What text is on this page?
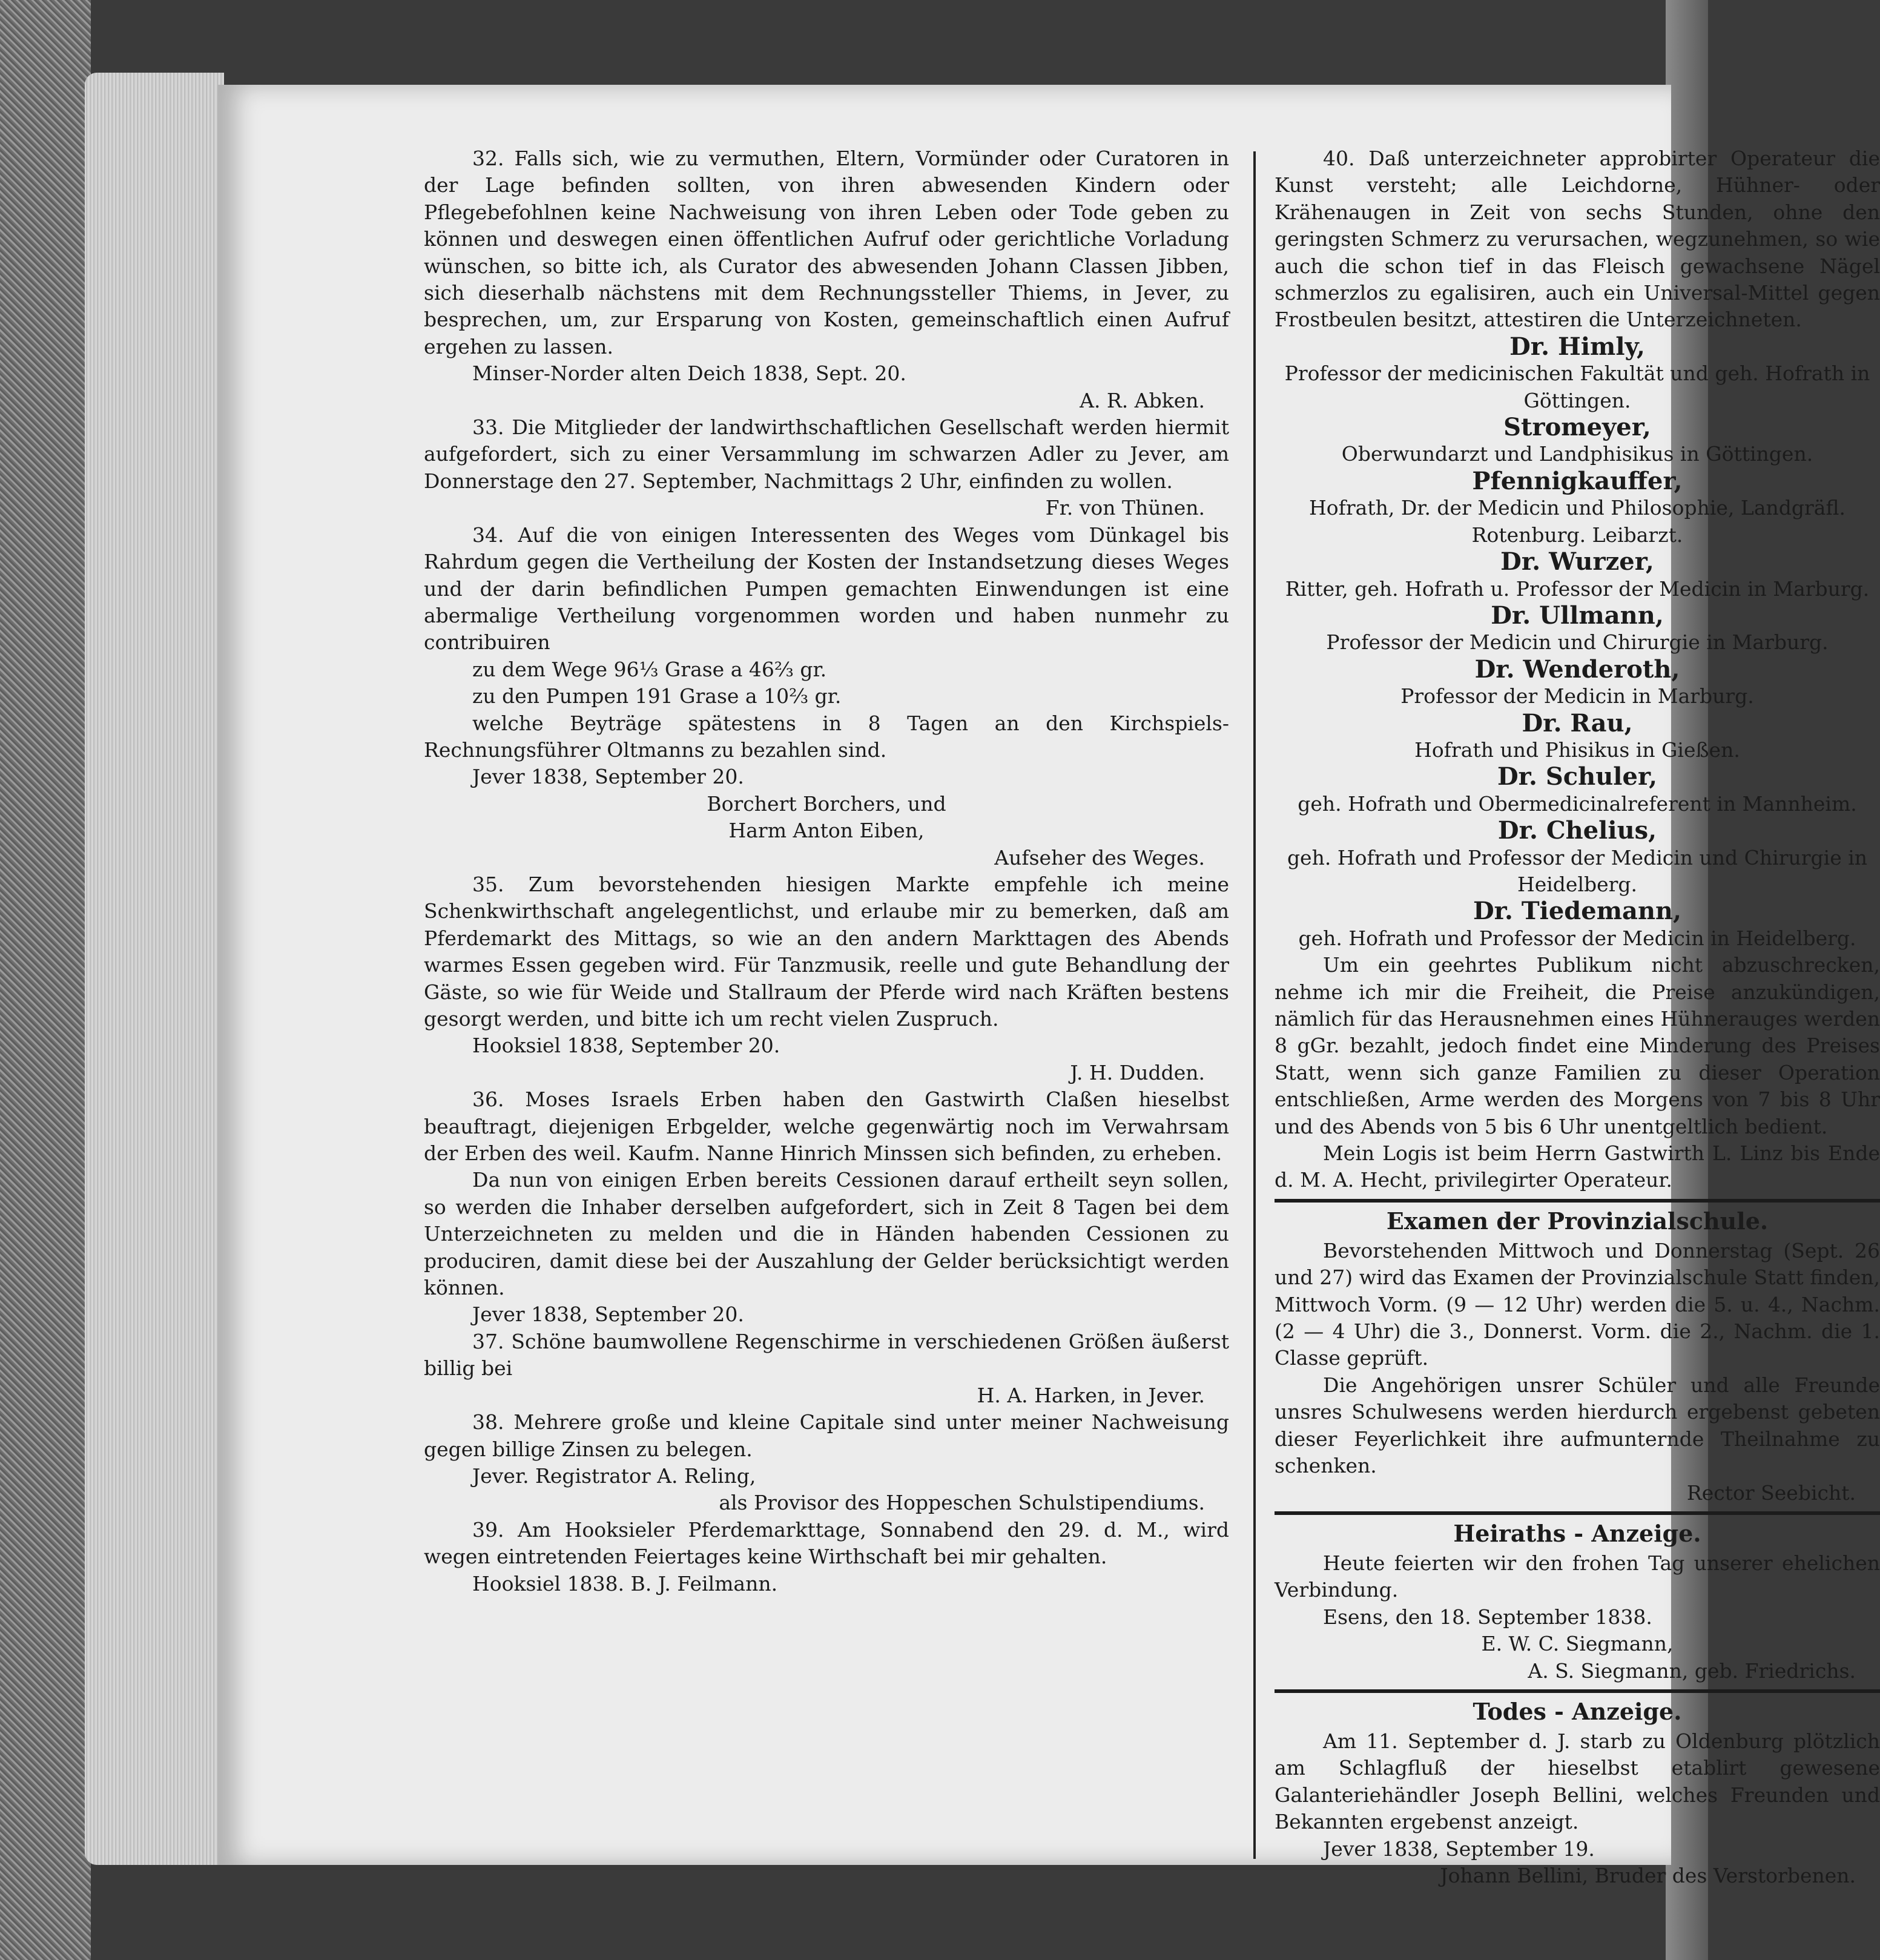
32. Falls sich, wie zu vermuthen, Eltern, Vormünder oder Curatoren in der Lage befinden sollten, von ihren abwesenden Kindern oder Pflegebefohlnen keine Nachweisung von ihren Leben oder Tode geben zu können und deswegen einen öffentlichen Aufruf oder gerichtliche Vorladung wünschen, so bitte ich, als Curator des abwesenden Johann Classen Jibben, sich dieserhalb nächstens mit dem Rechnungssteller Thiems, in Jever, zu besprechen, um, zur Ersparung von Kosten, gemeinschaftlich einen Aufruf ergehen zu lassen.

Minser-Norder alten Deich 1838, Sept. 20.

A. R. Abken.

33. Die Mitglieder der landwirthschaftlichen Gesellschaft werden hiermit aufgefordert, sich zu einer Versammlung im schwarzen Adler zu Jever, am Donnerstage den 27. September, Nachmittags 2 Uhr, einfinden zu wollen.

Fr. von Thünen.

34. Auf die von einigen Interessenten des Weges vom Dünkagel bis Rahrdum gegen die Vertheilung der Kosten der Instandsetzung dieses Weges und der darin befindlichen Pumpen gemachten Einwendungen ist eine abermalige Vertheilung vorgenommen worden und haben nunmehr zu contribuiren

zu dem Wege 96⅓ Grase a 46⅔ gr.

zu den Pumpen 191 Grase a 10⅔ gr.

welche Beyträge spätestens in 8 Tagen an den Kirchspiels-Rechnungsführer Oltmanns zu bezahlen sind.

Jever 1838, September 20.

Borchert Borchers, und

Harm Anton Eiben,

Aufseher des Weges.

35. Zum bevorstehenden hiesigen Markte empfehle ich meine Schenkwirthschaft angelegentlichst, und erlaube mir zu bemerken, daß am Pferdemarkt des Mittags, so wie an den andern Markttagen des Abends warmes Essen gegeben wird. Für Tanzmusik, reelle und gute Behandlung der Gäste, so wie für Weide und Stallraum der Pferde wird nach Kräften bestens gesorgt werden, und bitte ich um recht vielen Zuspruch.

Hooksiel 1838, September 20.

J. H. Dudden.

36. Moses Israels Erben haben den Gastwirth Claßen hieselbst beauftragt, diejenigen Erbgelder, welche gegenwärtig noch im Verwahrsam der Erben des weil. Kaufm. Nanne Hinrich Minssen sich befinden, zu erheben.

Da nun von einigen Erben bereits Cessionen darauf ertheilt seyn sollen, so werden die Inhaber derselben aufgefordert, sich in Zeit 8 Tagen bei dem Unterzeichneten zu melden und die in Händen habenden Cessionen zu produciren, damit diese bei der Auszahlung der Gelder berücksichtigt werden können.

Jever 1838, September 20.

37. Schöne baumwollene Regenschirme in verschiedenen Größen äußerst billig bei

H. A. Harken, in Jever.

38. Mehrere große und kleine Capitale sind unter meiner Nachweisung gegen billige Zinsen zu belegen.

Jever. Registrator A. Reling,

als Provisor des Hoppeschen Schulstipendiums.

39. Am Hooksieler Pferdemarkttage, Sonnabend den 29. d. M., wird wegen eintretenden Feiertages keine Wirthschaft bei mir gehalten.

Hooksiel 1838. B. J. Feilmann.

40. Daß unterzeichneter approbirter Operateur die Kunst versteht; alle Leichdorne, Hühner- oder Krähenaugen in Zeit von sechs Stunden, ohne den geringsten Schmerz zu verursachen, wegzunehmen, so wie auch die schon tief in das Fleisch gewachsene Nägel schmerzlos zu egalisiren, auch ein Universal-Mittel gegen Frostbeulen besitzt, attestiren die Unterzeichneten.

Dr. Himly,

Professor der medicinischen Fakultät und geh. Hofrath in Göttingen.

Stromeyer,

Oberwundarzt und Landphisikus in Göttingen.

Pfennigkauffer,

Hofrath, Dr. der Medicin und Philosophie, Landgräfl. Rotenburg. Leibarzt.

Dr. Wurzer,

Ritter, geh. Hofrath u. Professor der Medicin in Marburg.

Dr. Ullmann,

Professor der Medicin und Chirurgie in Marburg.

Dr. Wenderoth,

Professor der Medicin in Marburg.

Dr. Rau,

Hofrath und Phisikus in Gießen.

Dr. Schuler,

geh. Hofrath und Obermedicinalreferent in Mannheim.

Dr. Chelius,

geh. Hofrath und Professor der Medicin und Chirurgie in Heidelberg.

Dr. Tiedemann,

geh. Hofrath und Professor der Medicin in Heidelberg.

Um ein geehrtes Publikum nicht abzuschrecken, nehme ich mir die Freiheit, die Preise anzukündigen, nämlich für das Herausnehmen eines Hühnerauges werden 8 gGr. bezahlt, jedoch findet eine Minderung des Preises Statt, wenn sich ganze Familien zu dieser Operation entschließen, Arme werden des Morgens von 7 bis 8 Uhr und des Abends von 5 bis 6 Uhr unentgeltlich bedient.

Mein Logis ist beim Herrn Gastwirth L. Linz bis Ende d. M. A. Hecht, privilegirter Operateur.

Examen der Provinzialschule.

Bevorstehenden Mittwoch und Donnerstag (Sept. 26 und 27) wird das Examen der Provinzialschule Statt finden, Mittwoch Vorm. (9 — 12 Uhr) werden die 5. u. 4., Nachm. (2 — 4 Uhr) die 3., Donnerst. Vorm. die 2., Nachm. die 1. Classe geprüft.

Die Angehörigen unsrer Schüler und alle Freunde unsres Schulwesens werden hierdurch ergebenst gebeten dieser Feyerlichkeit ihre aufmunternde Theilnahme zu schenken.

Rector Seebicht.

Heiraths - Anzeige.

Heute feierten wir den frohen Tag unserer ehelichen Verbindung.

Esens, den 18. September 1838.

E. W. C. Siegmann,

A. S. Siegmann, geb. Friedrichs.

Todes - Anzeige.

Am 11. September d. J. starb zu Oldenburg plötzlich am Schlagfluß der hieselbst etablirt gewesene Galanteriehändler Joseph Bellini, welches Freunden und Bekannten ergebenst anzeigt.

Jever 1838, September 19.

Johann Bellini, Bruder des Verstorbenen.
